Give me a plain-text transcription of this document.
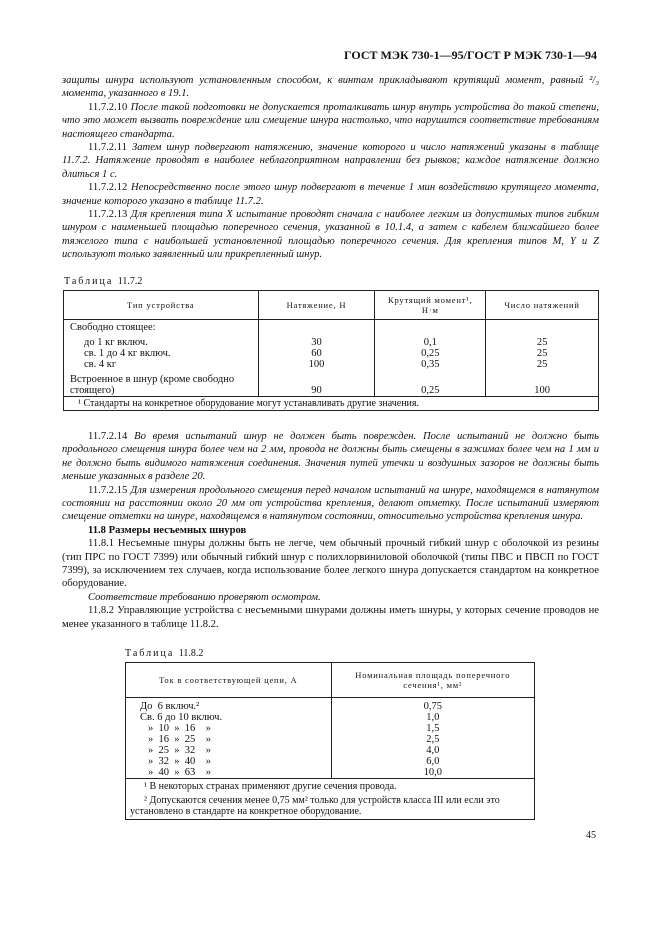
ГОСТ МЭК 730-1—95/ГОСТ Р МЭК 730-1—94

защиты шнура используют установленным способом, к винтам прикладывают крутящий момент, равный ²/₃ момента, указанного в 19.1.

11.7.2.10 После такой подготовки не допускается проталкивать шнур внутрь устройства до такой степени, что это может вызвать повреждение или смещение шнура настолько, что нарушится соответствие требованиям настоящего стандарта.

11.7.2.11 Затем шнур подвергают натяжению, значение которого и число натяжений указаны в таблице 11.7.2. Натяжение проводят в наиболее неблагоприятном направлении без рывков; каждое натяжение должно длиться 1 с.

11.7.2.12 Непосредственно после этого шнур подвергают в течение 1 мин воздействию крутящего момента, значение которого указано в таблице 11.7.2.

11.7.2.13 Для крепления типа X испытание проводят сначала с наиболее легким из допустимых типов гибким шнуром с наименьшей площадью поперечного сечения, указанной в 10.1.4, а затем с кабелем ближайшего более тяжелого типа с наибольшей установленной площадью поперечного сечения. Для крепления типов M, Y и Z используют только заявленный или прикрепленный шнур.

Таблица 11.7.2
Тип устройства	Натяжение, Н	Крутящий момент¹, Н·м	Число натяжений
Свободно стоящее:			
до 1 кг включ.	30	0,1	25
св. 1 до 4 кг включ.	60	0,25	25
св. 4 кг	100	0,35	25
Встроенное в шнур (кроме свободно стоящего)	90	0,25	100
¹ Стандарты на конкретное оборудование могут устанавливать другие значения.			

11.7.2.14 Во время испытаний шнур не должен быть поврежден. После испытаний не должно быть продольного смещения шнура более чем на 2 мм, провода не должны быть смещены в зажимах более чем на 1 мм и не должно быть видимого натяжения соединения. Значения путей утечки и воздушных зазоров не должны быть меньше указанных в разделе 20.

11.7.2.15 Для измерения продольного смещения перед началом испытаний на шнуре, находящемся в натянутом состоянии на расстоянии около 20 мм от устройства крепления, делают отметку. После испытаний измеряют смещение отметки на шнуре, находящемся в натянутом состоянии, относительно устройства крепления шнура.

11.8 Размеры несъемных шнуров

11.8.1 Несъемные шнуры должны быть не легче, чем обычный прочный гибкий шнур с оболочкой из резины (тип ПРС по ГОСТ 7399) или обычный гибкий шнур с полихлорвиниловой оболочкой (типы ПВС и ПВСП по ГОСТ 7399), за исключением тех случаев, когда использование более легкого шнура допускается стандартом на конкретное оборудование.

Соответствие требованию проверяют осмотром.

11.8.2 Управляющие устройства с несъемными шнурами должны иметь шнуры, у которых сечение проводов не менее указанного в таблице 11.8.2.

Таблица 11.8.2
Ток в соответствующей цепи, А	Номинальная площадь поперечного сечения¹, мм²
До  6 включ.²	0,75
Св. 6 до 10 включ.	1,0
»  10  »  16    »	1,5
»  16  »  25    »	2,5
»  25  »  32    »	4,0
»  32  »  40    »	6,0
»  40  »  63    »	10,0

¹ В некоторых странах применяют другие сечения провода.
² Допускаются сечения менее 0,75 мм² только для устройств класса III или если это установлено в стандарте на конкретное оборудование.	
45
